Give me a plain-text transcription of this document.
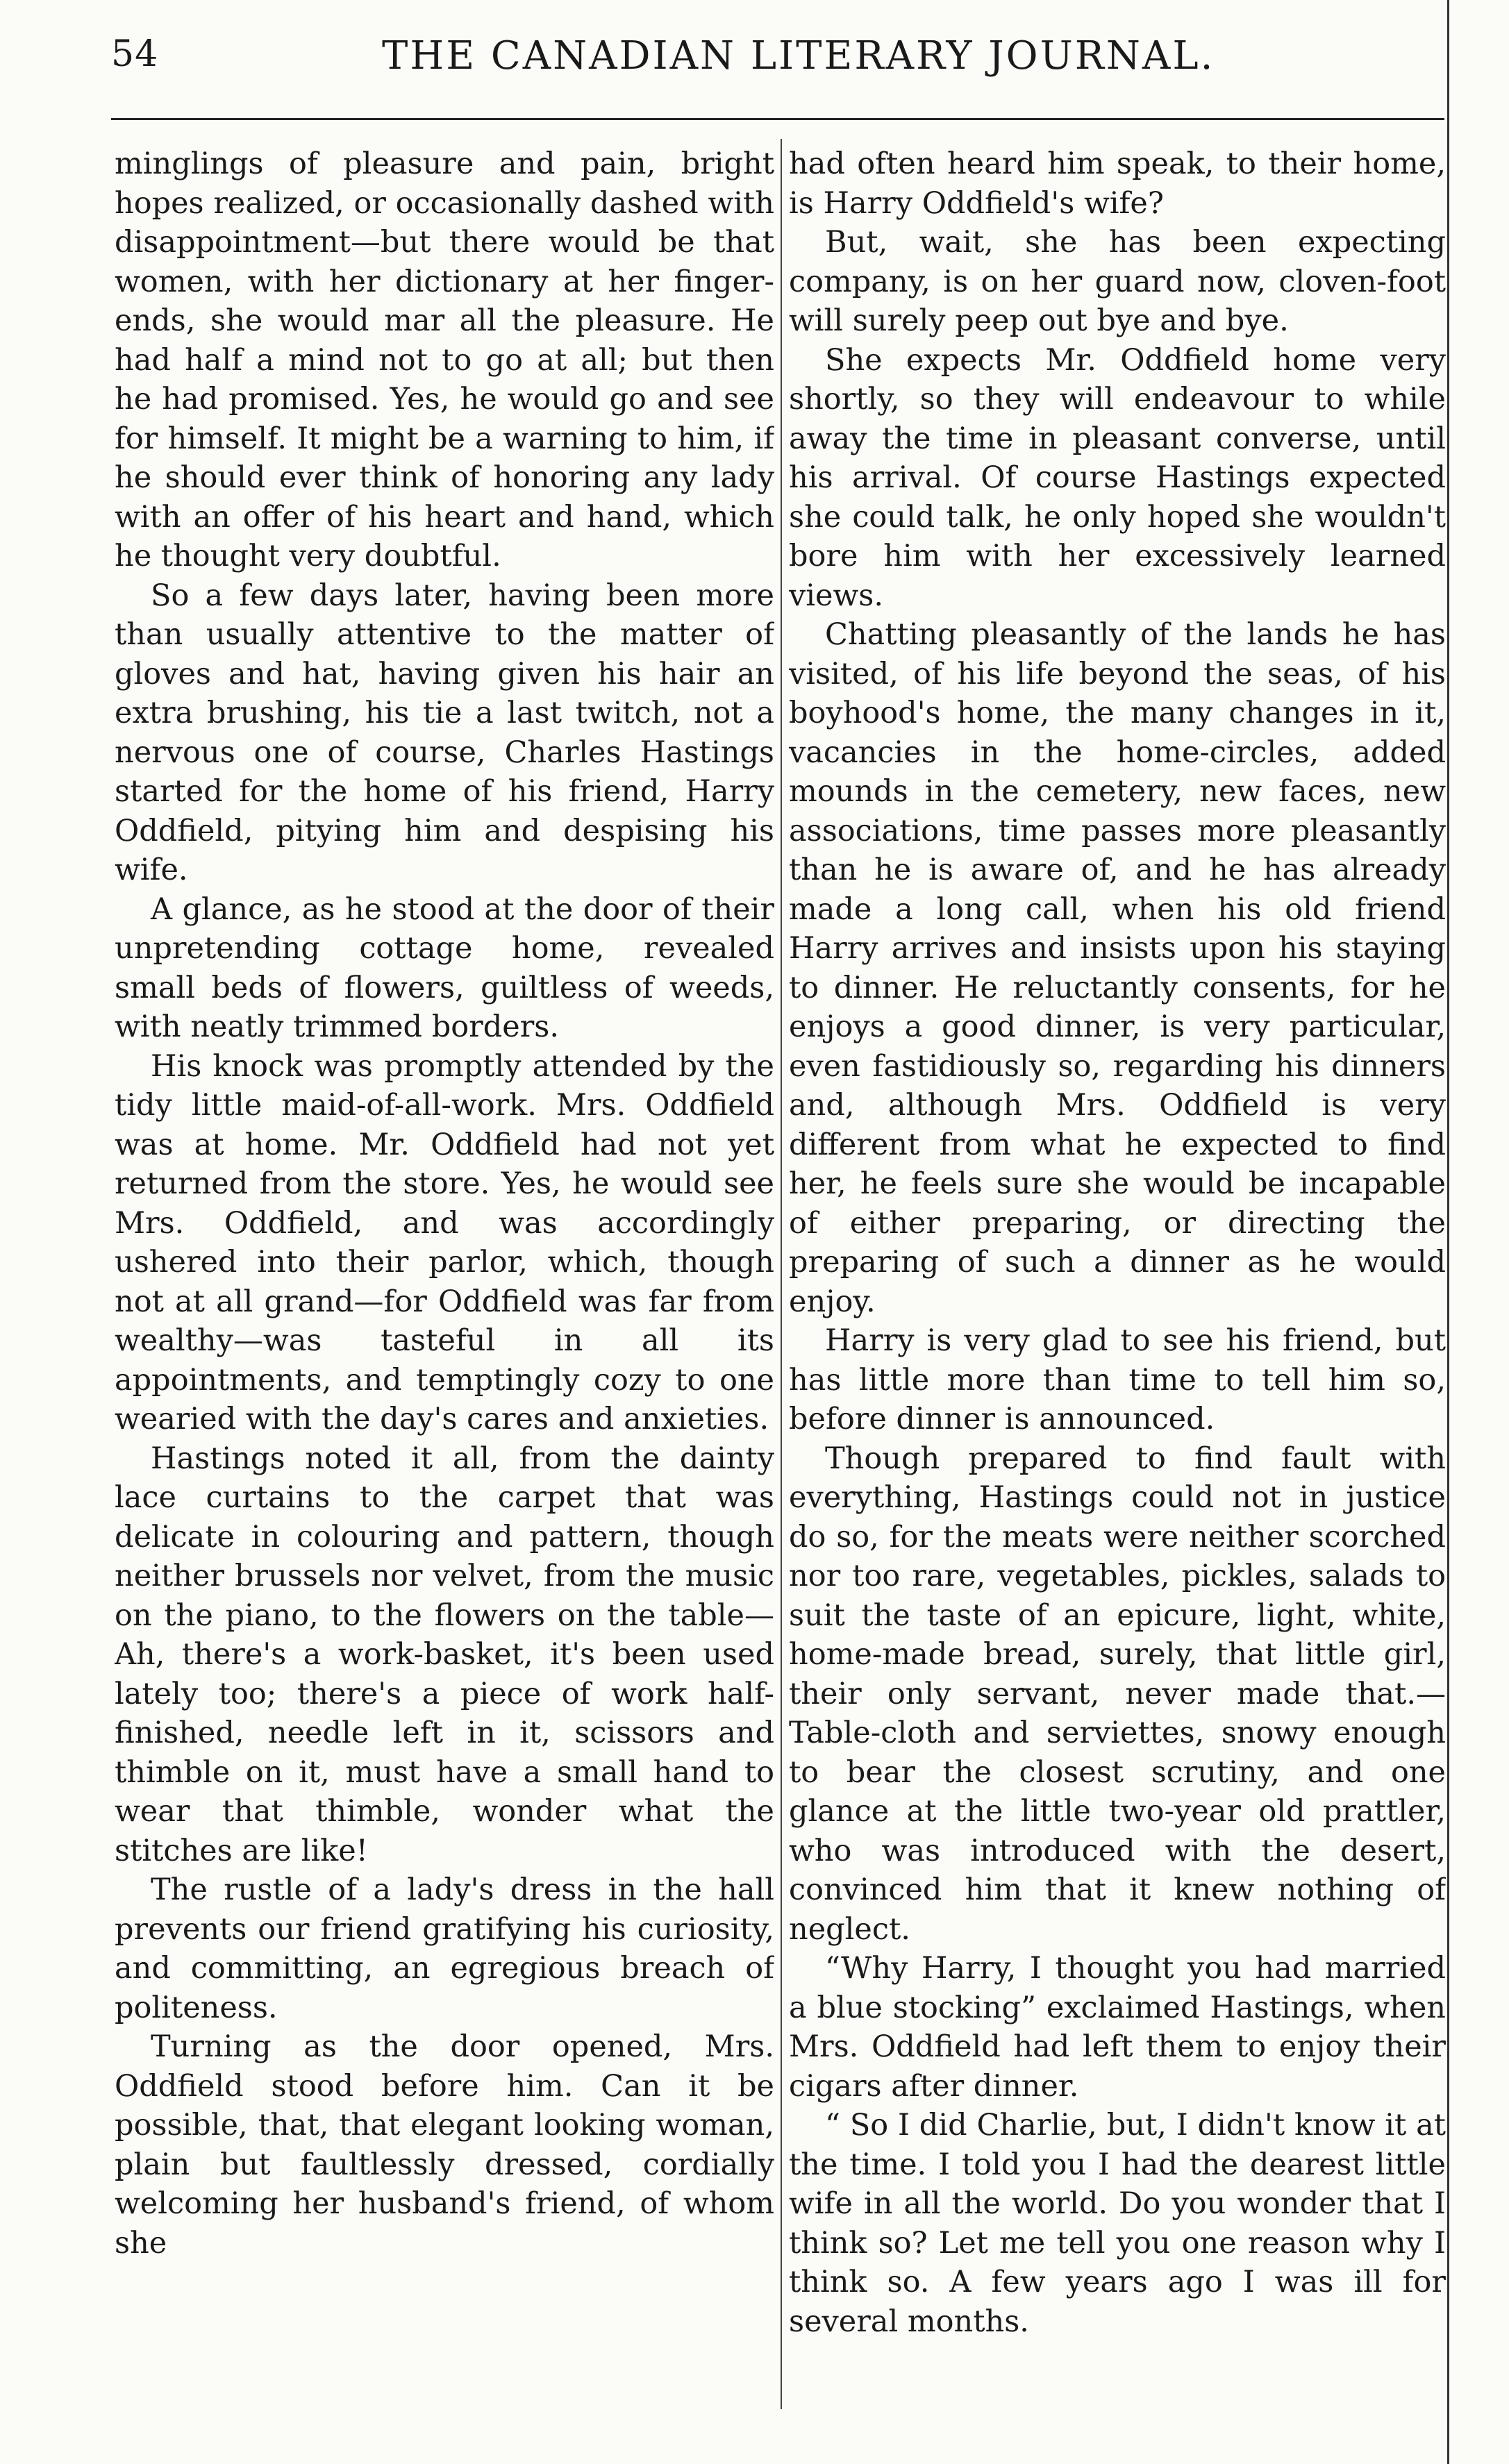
54	THE CANADIAN LITERARY JOURNAL.

minglings of pleasure and pain, bright hopes realized, or occasionally dashed with disappointment—but there would be that women, with her dictionary at her finger-ends, she would mar all the pleasure. He had half a mind not to go at all; but then he had promised. Yes, he would go and see for himself. It might be a warning to him, if he should ever think of honoring any lady with an offer of his heart and hand, which he thought very doubtful.

So a few days later, having been more than usually attentive to the matter of gloves and hat, having given his hair an extra brushing, his tie a last twitch, not a nervous one of course, Charles Hastings started for the home of his friend, Harry Oddfield, pitying him and despising his wife.

A glance, as he stood at the door of their unpretending cottage home, revealed small beds of flowers, guiltless of weeds, with neatly trimmed borders.

His knock was promptly attended by the tidy little maid-of-all-work. Mrs. Oddfield was at home. Mr. Oddfield had not yet returned from the store. Yes, he would see Mrs. Oddfield, and was accordingly ushered into their parlor, which, though not at all grand—for Oddfield was far from wealthy—was tasteful in all its appointments, and temptingly cozy to one wearied with the day's cares and anxieties.

Hastings noted it all, from the dainty lace curtains to the carpet that was delicate in colouring and pattern, though neither brussels nor velvet, from the music on the piano, to the flowers on the table—Ah, there's a work-basket, it's been used lately too; there's a piece of work half-finished, needle left in it, scissors and thimble on it, must have a small hand to wear that thimble, wonder what the stitches are like!

The rustle of a lady's dress in the hall prevents our friend gratifying his curiosity, and committing, an egregious breach of politeness.

Turning as the door opened, Mrs. Oddfield stood before him. Can it be possible, that, that elegant looking woman, plain but faultlessly dressed, cordially welcoming her husband's friend, of whom she

had often heard him speak, to their home, is Harry Oddfield's wife?

But, wait, she has been expecting company, is on her guard now, cloven-foot will surely peep out bye and bye.

She expects Mr. Oddfield home very shortly, so they will endeavour to while away the time in pleasant converse, until his arrival. Of course Hastings expected she could talk, he only hoped she wouldn't bore him with her excessively learned views.

Chatting pleasantly of the lands he has visited, of his life beyond the seas, of his boyhood's home, the many changes in it, vacancies in the home-circles, added mounds in the cemetery, new faces, new associations, time passes more pleasantly than he is aware of, and he has already made a long call, when his old friend Harry arrives and insists upon his staying to dinner. He reluctantly consents, for he enjoys a good dinner, is very particular, even fastidiously so, regarding his dinners and, although Mrs. Oddfield is very different from what he expected to find her, he feels sure she would be incapable of either preparing, or directing the preparing of such a dinner as he would enjoy.

Harry is very glad to see his friend, but has little more than time to tell him so, before dinner is announced.

Though prepared to find fault with everything, Hastings could not in justice do so, for the meats were neither scorched nor too rare, vegetables, pickles, salads to suit the taste of an epicure, light, white, home-made bread, surely, that little girl, their only servant, never made that.—Table-cloth and serviettes, snowy enough to bear the closest scrutiny, and one glance at the little two-year old prattler, who was introduced with the desert, convinced him that it knew nothing of neglect.

“Why Harry, I thought you had married a blue stocking” exclaimed Hastings, when Mrs. Oddfield had left them to enjoy their cigars after dinner.

“ So I did Charlie, but, I didn't know it at the time. I told you I had the dearest little wife in all the world. Do you wonder that I think so? Let me tell you one reason why I think so. A few years ago I was ill for several months.
